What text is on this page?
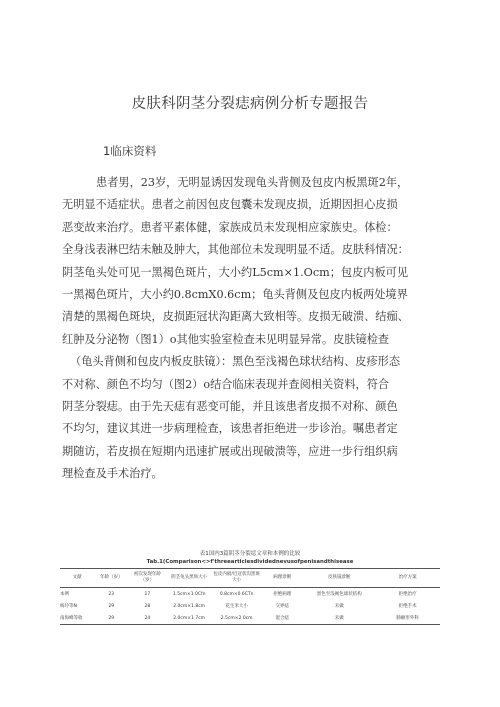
皮肤科阴茎分裂痣病例分析专题报告
1临床资料
患者男，23岁，无明显诱因发现龟头背侧及包皮内板黑斑2年，
无明显不适症状。患者之前因包皮包囊未发现皮损，近期因担心皮损
恶变故来治疗。患者平素体健，家族成员未发现相应家族史。体检：
全身浅表淋巴结未触及肿大，其他部位未发现明显不适。皮肤科情况：
阴茎龟头处可见一黑褐色斑片，大小约L5cm×1.Ocm；包皮内板可见
一黑褐色斑片，大小约0.8cmX0.6cm；龟头背侧及包皮内板两处境界
清楚的黑褐色斑块，皮损距冠状沟距离大致相等。皮损无破溃、结痂、
红肿及分泌物（图1）o其他实验室检查未见明显异常。皮肤镜检查
（龟头背侧和包皮内板皮肤镜）：黑色至浅褐色球状结构、皮疹形态
不对称、颜色不均匀（图2）o结合临床表现并查阅相关资料，符合
阴茎分裂痣。由于先天痣有恶变可能，并且该患者皮损不对称、颜色
不均匀，建议其进一步病理检查，该患者拒绝进一步诊治。嘱患者定
期随访，若皮损在短期内迅速扩展或出现破溃等，应进一步行组织病
理检查及手术治疗。
表1国内3篇阴茎分裂痣文章和本例的比较
Tab.1(Comparison<>f'threearticlesdividednevusofpenisandthisease
文献	年龄（岁）	初次发现年龄（岁）	阴茎龟头黑斑大小	包皮内板/近冠状沟黑斑大小	病理诊断	皮肤镜诊断	治疗方案
本例	23	17	1.5cm×1.0Cfn	0.8cm×0.6CTn	拒绝病理	黑色至浅褐色球状结构	拒绝治疗
杨玲等N	29	28	2.0cm×1.8cm	花生米大小	交界痣	未做	拒绝手术
南海峰等收	29	24	2.0cm×1.7cm	2.5cm×2.0cm	混合痣	未做	肺额形外科
